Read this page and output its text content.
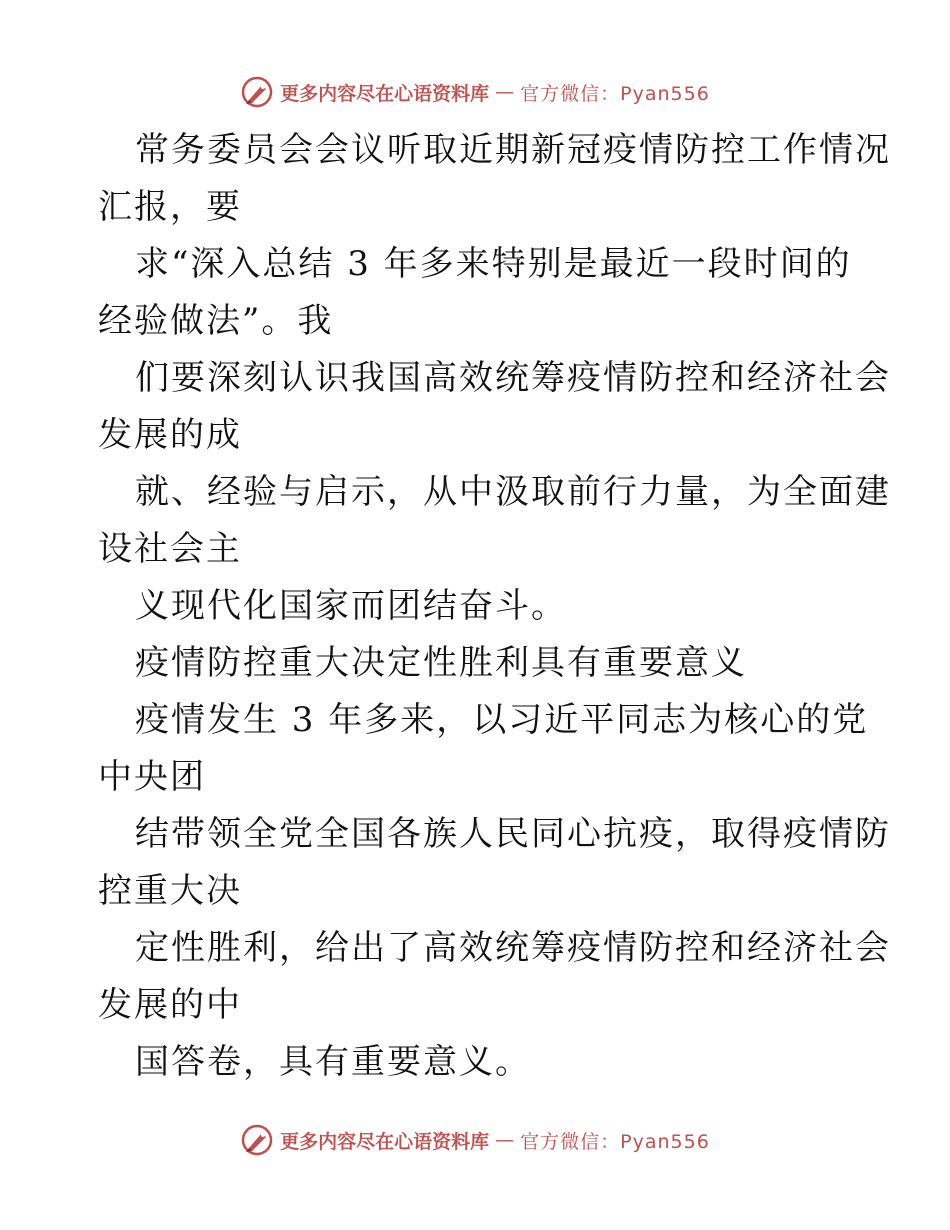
更多内容尽在心语资料库 — 官方微信：Pyan556
常务委员会会议听取近期新冠疫情防控工作情况
汇报，要
求“深入总结 3 年多来特别是最近一段时间的
经验做法”。我
们要深刻认识我国高效统筹疫情防控和经济社会
发展的成
就、经验与启示，从中汲取前行力量，为全面建
设社会主
义现代化国家而团结奋斗。
疫情防控重大决定性胜利具有重要意义
疫情发生 3 年多来，以习近平同志为核心的党
中央团
结带领全党全国各族人民同心抗疫，取得疫情防
控重大决
定性胜利，给出了高效统筹疫情防控和经济社会
发展的中
国答卷，具有重要意义。
更多内容尽在心语资料库 — 官方微信：Pyan556
